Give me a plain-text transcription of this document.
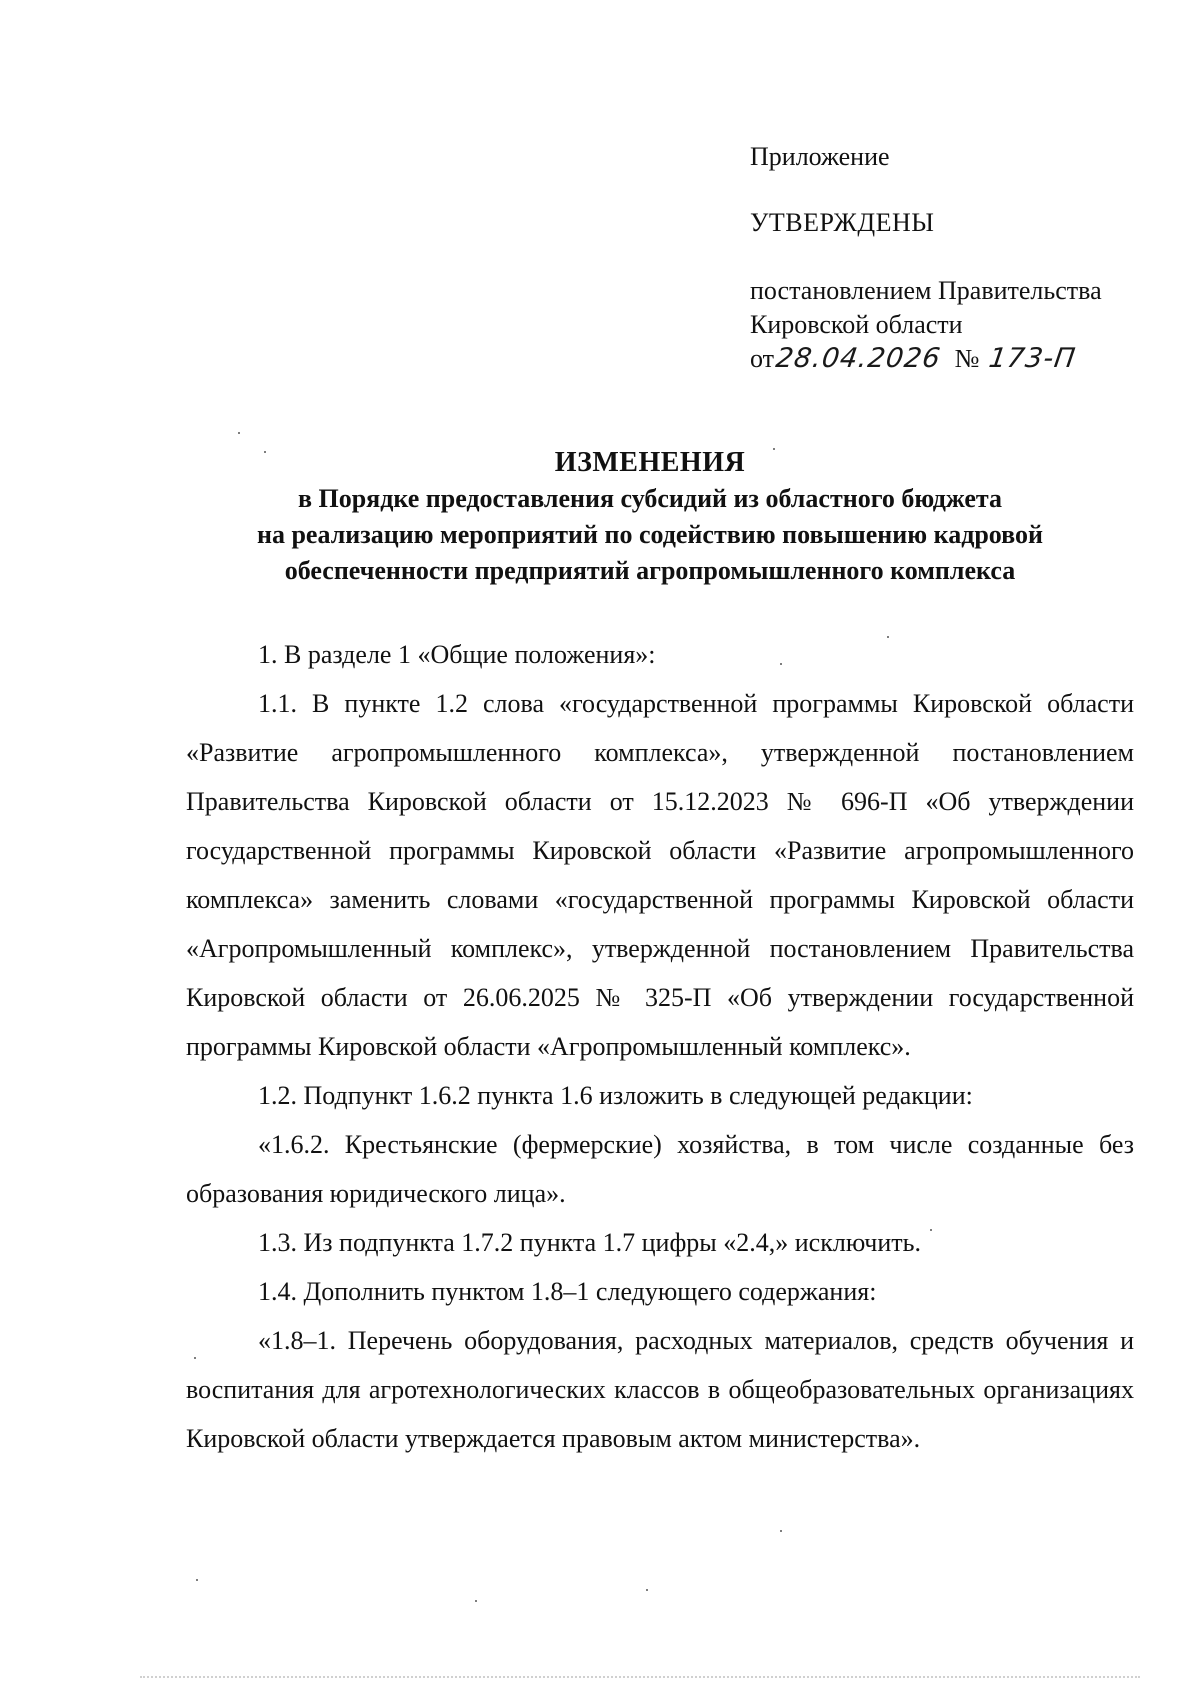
Приложение
УТВЕРЖДЕНЫ
постановлением Правительства
Кировской области
от28.04.2026 № 173-П
ИЗМЕНЕНИЯ
в Порядке предоставления субсидий из областного бюджета
на реализацию мероприятий по содействию повышению кадровой
обеспеченности предприятий агропромышленного комплекса

1. В разделе 1 «Общие положения»:

1.1. В пункте 1.2 слова «государственной программы Кировской области «Развитие агропромышленного комплекса», утвержденной постановлением Правительства Кировской области от 15.12.2023 № 696-П «Об утверждении государственной программы Кировской области «Развитие агропромышленного комплекса» заменить словами «государственной программы Кировской области «Агропромышленный комплекс», утвержденной постановлением Правительства Кировской области от 26.06.2025 № 325-П «Об утверждении государственной программы Кировской области «Агропромышленный комплекс».

1.2. Подпункт 1.6.2 пункта 1.6 изложить в следующей редакции:

«1.6.2. Крестьянские (фермерские) хозяйства, в том числе созданные без образования юридического лица».

1.3. Из подпункта 1.7.2 пункта 1.7 цифры «2.4,» исключить.

1.4. Дополнить пунктом 1.8–1 следующего содержания:

«1.8–1. Перечень оборудования, расходных материалов, средств обучения и воспитания для агротехнологических классов в общеобразовательных организациях Кировской области утверждается правовым актом министерства».
